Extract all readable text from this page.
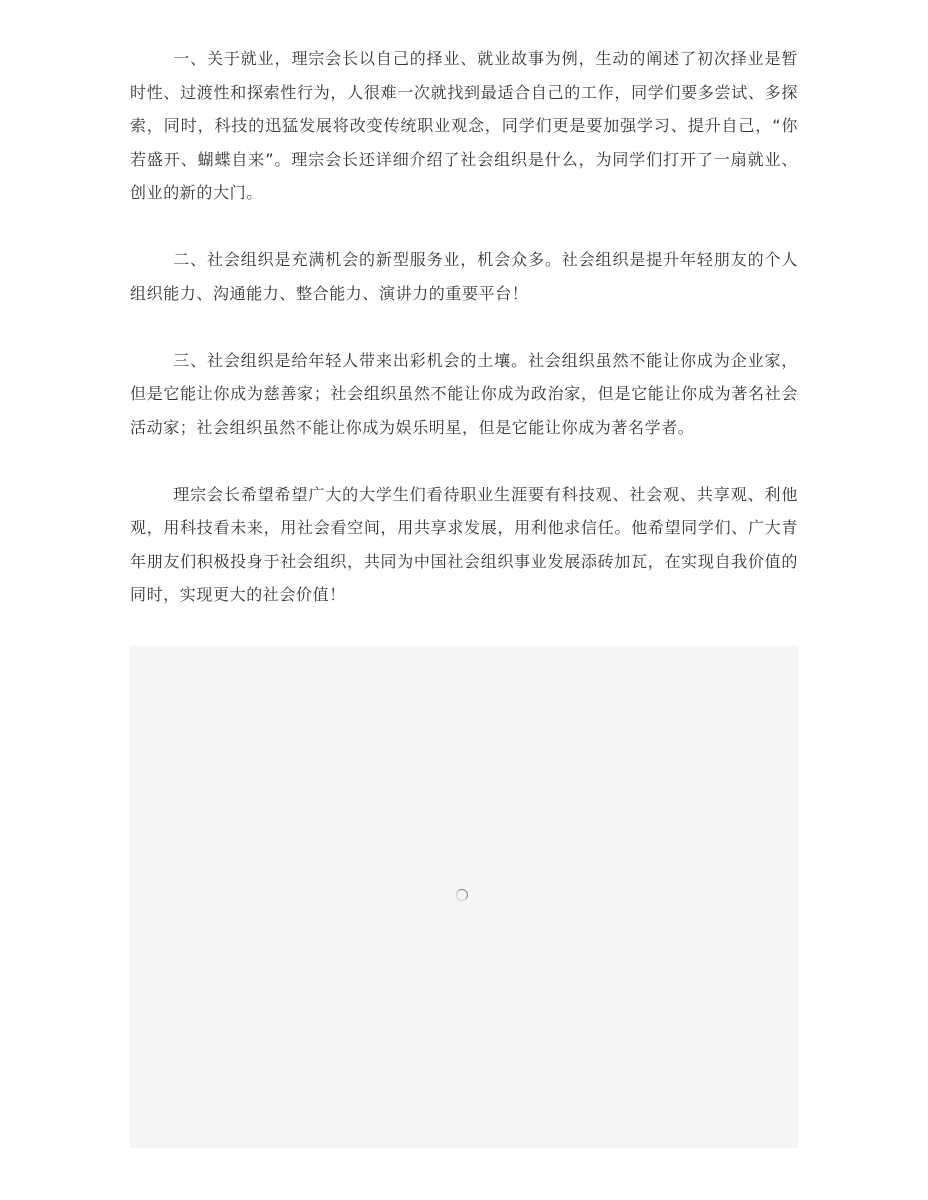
一、关于就业，理宗会长以自己的择业、就业故事为例，生动的阐述了初次择业是暂时性、过渡性和探索性行为，人很难一次就找到最适合自己的工作，同学们要多尝试、多探索，同时，科技的迅猛发展将改变传统职业观念，同学们更是要加强学习、提升自己，“你若盛开、蝴蝶自来”。理宗会长还详细介绍了社会组织是什么，为同学们打开了一扇就业、创业的新的大门。

二、社会组织是充满机会的新型服务业，机会众多。社会组织是提升年轻朋友的个人组织能力、沟通能力、整合能力、演讲力的重要平台！

三、社会组织是给年轻人带来出彩机会的土壤。社会组织虽然不能让你成为企业家，但是它能让你成为慈善家；社会组织虽然不能让你成为政治家，但是它能让你成为著名社会活动家；社会组织虽然不能让你成为娱乐明星，但是它能让你成为著名学者。

理宗会长希望希望广大的大学生们看待职业生涯要有科技观、社会观、共享观、利他观，用科技看未来，用社会看空间，用共享求发展，用利他求信任。他希望同学们、广大青年朋友们积极投身于社会组织，共同为中国社会组织事业发展添砖加瓦，在实现自我价值的同时，实现更大的社会价值！
